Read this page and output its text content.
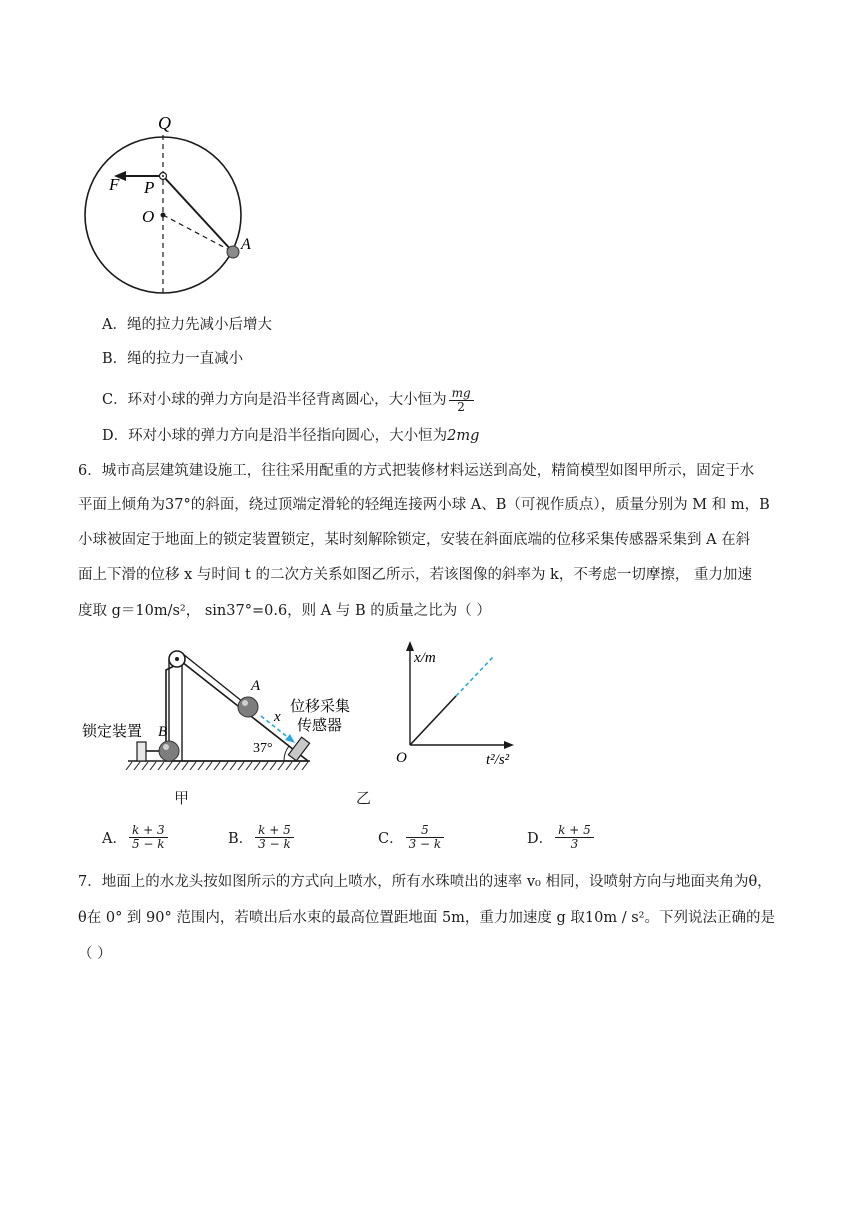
Q
F P
O
A
A．绳的拉力先减小后增大
B．绳的拉力一直减小
C．环对小球的弹力方向是沿半径背离圆心，大小恒为 $\frac{mg}{2}$
D．环对小球的弹力方向是沿半径指向圆心，大小恒为2mg
6．城市高层建筑建设施工，往往采用配重的方式把装修材料运送到高处，精简模型如图甲所示，固定于水
平面上倾角为37°的斜面，绕过顶端定滑轮的轻绳连接两小球 A、B（可视作质点），质量分别为 M 和 m，B
小球被固定于地面上的锁定装置锁定，某时刻解除锁定，安装在斜面底端的位移采集传感器采集到 A 在斜
面上下滑的位移 x 与时间 t 的二次方关系如图乙所示，若该图像的斜率为 k，不考虑一切摩擦， 重力加速
度取 g＝10m/s²， sin37°=0.6，则 A 与 B 的质量之比为（ ）
A
B
x
37°
锁定装置
位移采集
传感器
甲
x/m
O	t²/s²
乙
A． $\frac{k + 3}{5 - k}$	B． $\frac{k + 5}{3 - k}$	C． $\frac{5}{3 - k}$	D． $\frac{k + 5}{3}$
7．地面上的水龙头按如图所示的方式向上喷水，所有水珠喷出的速率 v₀ 相同，设喷射方向与地面夹角为θ，
θ在 0° 到 90° 范围内，若喷出后水束的最高位置距地面 5m，重力加速度 g 取10m / s²。下列说法正确的是
（ ）
